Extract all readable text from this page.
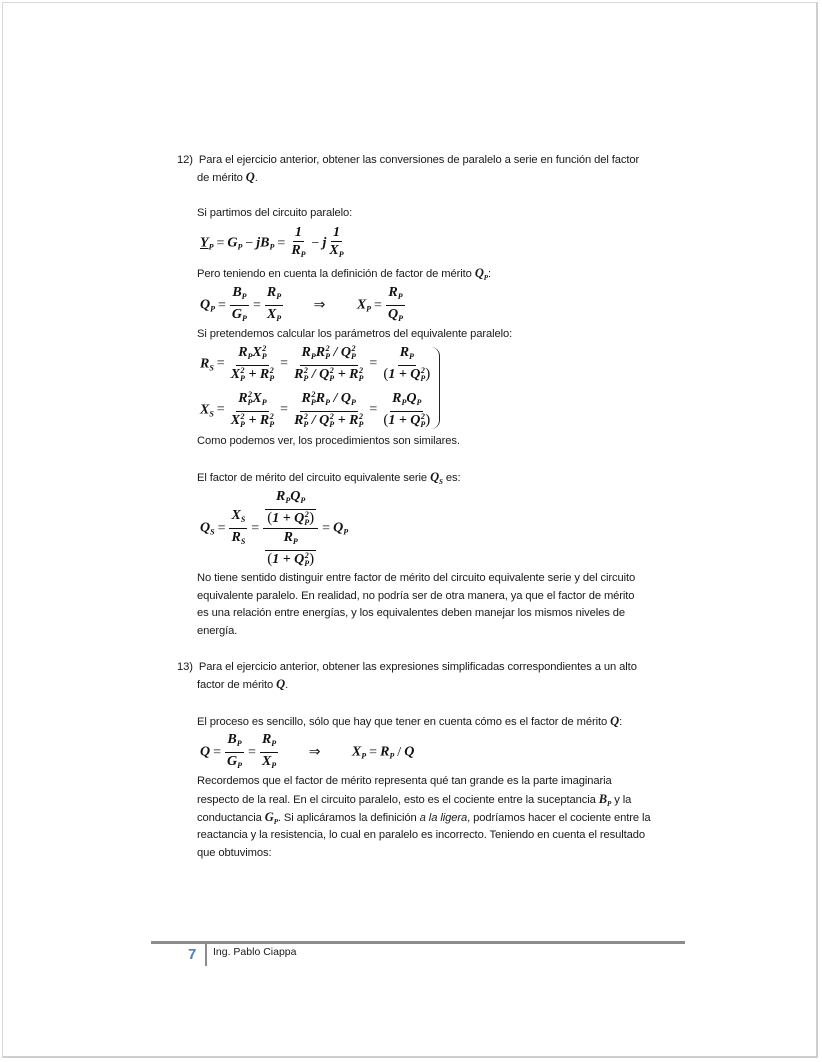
12) Para el ejercicio anterior, obtener las conversiones de paralelo a serie en función del factor
de mérito Q.
Si partimos del circuito paralelo:
$Y_P = G_P - jB_P = \frac{1}{R_P} - j \frac{1}{X_P}$
Pero teniendo en cuenta la definición de factor de mérito $Q_P$:
$Q_P = \frac{B_P}{G_P} = \frac{R_P}{X_P}$ ⇒ $X_P = \frac{R_P}{Q_P}$
Si pretendemos calcular los parámetros del equivalente paralelo:
$R_S = R_PX$ 2
P
X 2
P + R 2
$P = R_PR$ 2
P / Q 2
P
R 2
P / Q 2
P + R 2
$P = R_P$
(1 + Q 2
P )
$X_S = R$ 2
P $X_P$
X 2
P + R 2
P = R 2
P $R_P / Q_P$
R 2
P / Q 2
P + R 2
$P = R_PQ_P$
(1 + Q 2
P )
Como podemos ver, los procedimientos son similares.
El factor de mérito del circuito equivalente serie $Q_S$ es:
$Q_S = \frac{X_S}{R_S} = R_PQ_P$
(1 + Q 2
P )
$R_P$
(1 + Q 2
P ) = $Q_P$
No tiene sentido distinguir entre factor de mérito del circuito equivalente serie y del circuito
equivalente paralelo. En realidad, no podría ser de otra manera, ya que el factor de mérito
es una relación entre energías, y los equivalentes deben manejar los mismos niveles de
energía.
13) Para el ejercicio anterior, obtener las expresiones simplificadas correspondientes a un alto
factor de mérito Q.
El proceso es sencillo, sólo que hay que tener en cuenta cómo es el factor de mérito Q:
$Q = \frac{B_P}{G_P} = \frac{R_P}{X_P}$ ⇒ $X_P = R_P / Q$
Recordemos que el factor de mérito representa qué tan grande es la parte imaginaria
respecto de la real. En el circuito paralelo, esto es el cociente entre la suceptancia $B_P$ y la
conductancia $G_P$. Si aplicáramos la definición a la ligera, podríamos hacer el cociente entre la
reactancia y la resistencia, lo cual en paralelo es incorrecto. Teniendo en cuenta el resultado
que obtuvimos:
7 Ing. Pablo Ciappa
